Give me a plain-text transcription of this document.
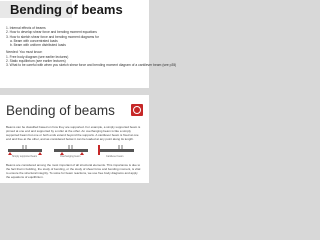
Bending of beams
1. Internal effects of beams
2. How to develop shear force and bending moment equations
3. How to sketch shear force and bending moment diagrams for
a. Beam with concentrated loads
b. Beam with uniform distributed loads
Needed: You must know:
1. Free body diagram (see earlier lectures)
2. Static equilibrium (see earlier lectures)
3. What to be careful with when you sketch shear force and bending moment diagram of a cantilever beam (see p35)
Bending of beams
Beams can be classified based on how they are supported. For example, a simply supported beam is pinned at one end and supported by a roller at the other. An overhanging beam is like a simply supported beam but one or both ends extend beyond the supports. A cantilever beam is fixed at one end and free at the other, and as considered below it can be loaded at any point along its length.
Simply supported beam	Overhanging beam	Cantilever beam
Beams are considered among the most important of all structural elements. This importance is due to the fact that in building, the study of bending, or the study of shear force and bending moment, is vital to ensure the structural integrity. To solve for beam reactions, we use free body diagrams and apply the equations of equilibrium.
